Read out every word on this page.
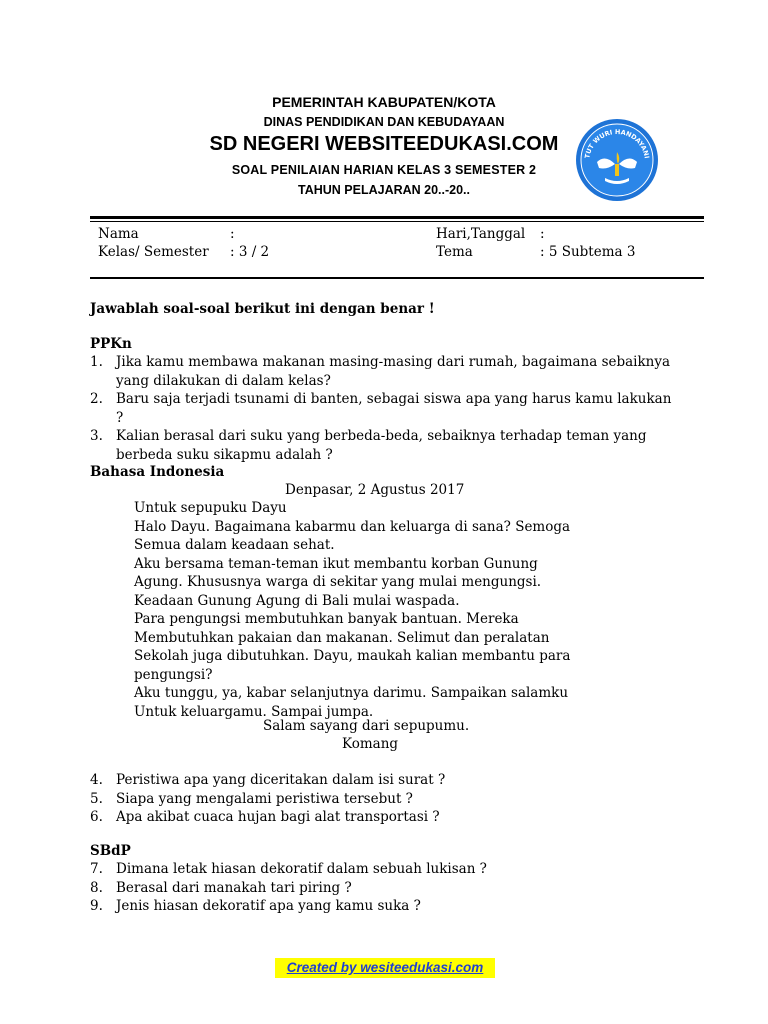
PEMERINTAH KABUPATEN/KOTA
DINAS PENDIDIKAN DAN KEBUDAYAAN
SD NEGERI WEBSITEEDUKASI.COM
SOAL PENILAIAN HARIAN KELAS 3 SEMESTER 2
TAHUN PELAJARAN 20..-20..
TUT WURI HANDAYANI
Nama	:
Kelas/ Semester : 3 / 2
Hari,Tanggal :
Tema	: 5 Subtema 3
Jawablah soal-soal berikut ini dengan benar !
PPKn
1. Jika kamu membawa makanan masing-masing dari rumah, bagaimana sebaiknya yang dilakukan di dalam kelas?
2. Baru saja terjadi tsunami di banten, sebagai siswa apa yang harus kamu lakukan ?
3. Kalian berasal dari suku yang berbeda-beda, sebaiknya terhadap teman yang berbeda suku sikapmu adalah ?
Bahasa Indonesia
Denpasar, 2 Agustus 2017
Untuk sepupuku Dayu
Halo Dayu. Bagaimana kabarmu dan keluarga di sana? Semoga
Semua dalam keadaan sehat.
Aku bersama teman-teman ikut membantu korban Gunung
Agung. Khususnya warga di sekitar yang mulai mengungsi.
Keadaan Gunung Agung di Bali mulai waspada.
Para pengungsi membutuhkan banyak bantuan. Mereka
Membutuhkan pakaian dan makanan. Selimut dan peralatan
Sekolah juga dibutuhkan. Dayu, maukah kalian membantu para
pengungsi?
Aku tunggu, ya, kabar selanjutnya darimu. Sampaikan salamku
Untuk keluargamu. Sampai jumpa.
Salam sayang dari sepupumu.
Komang
4. Peristiwa apa yang diceritakan dalam isi surat ?
5. Siapa yang mengalami peristiwa tersebut ?
6. Apa akibat cuaca hujan bagi alat transportasi ?
SBdP
7. Dimana letak hiasan dekoratif dalam sebuah lukisan ?
8. Berasal dari manakah tari piring ?
9. Jenis hiasan dekoratif apa yang kamu suka ?
Created by wesiteedukasi.com
